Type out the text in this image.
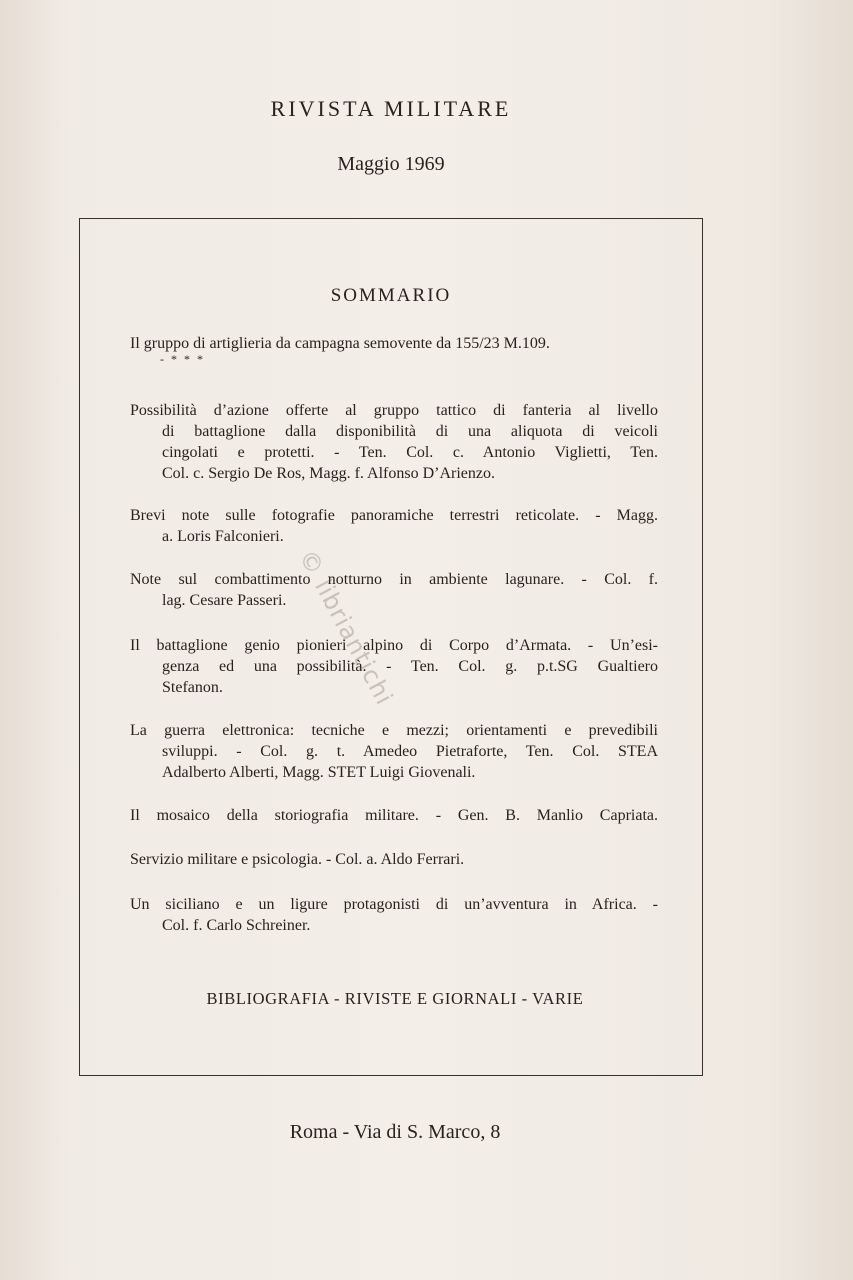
RIVISTA MILITARE
Maggio 1969
SOMMARIO
Il gruppo di artiglieria da campagna semovente da 155/23 M.109.
- * * *
Possibilità d’azione offerte al gruppo tattico di fanteria al livello
di battaglione dalla disponibilità di una aliquota di veicoli
cingolati e protetti. - Ten. Col. c. Antonio Viglietti, Ten.
Col. c. Sergio De Ros, Magg. f. Alfonso D’Arienzo.
Brevi note sulle fotografie panoramiche terrestri reticolate. - Magg.
a. Loris Falconieri.
Note sul combattimento notturno in ambiente lagunare. - Col. f.
lag. Cesare Passeri.
Il battaglione genio pionieri alpino di Corpo d’Armata. - Un’esi-
genza ed una possibilità. - Ten. Col. g. p.t.SG Gualtiero
Stefanon.
La guerra elettronica: tecniche e mezzi; orientamenti e prevedibili
sviluppi. - Col. g. t. Amedeo Pietraforte, Ten. Col. STEA
Adalberto Alberti, Magg. STET Luigi Giovenali.
Il mosaico della storiografia militare. - Gen. B. Manlio Capriata.
Servizio militare e psicologia. - Col. a. Aldo Ferrari.
Un siciliano e un ligure protagonisti di un’avventura in Africa. -
Col. f. Carlo Schreiner.
BIBLIOGRAFIA - RIVISTE E GIORNALI - VARIE
Roma - Via di S. Marco, 8
© libriantichi
